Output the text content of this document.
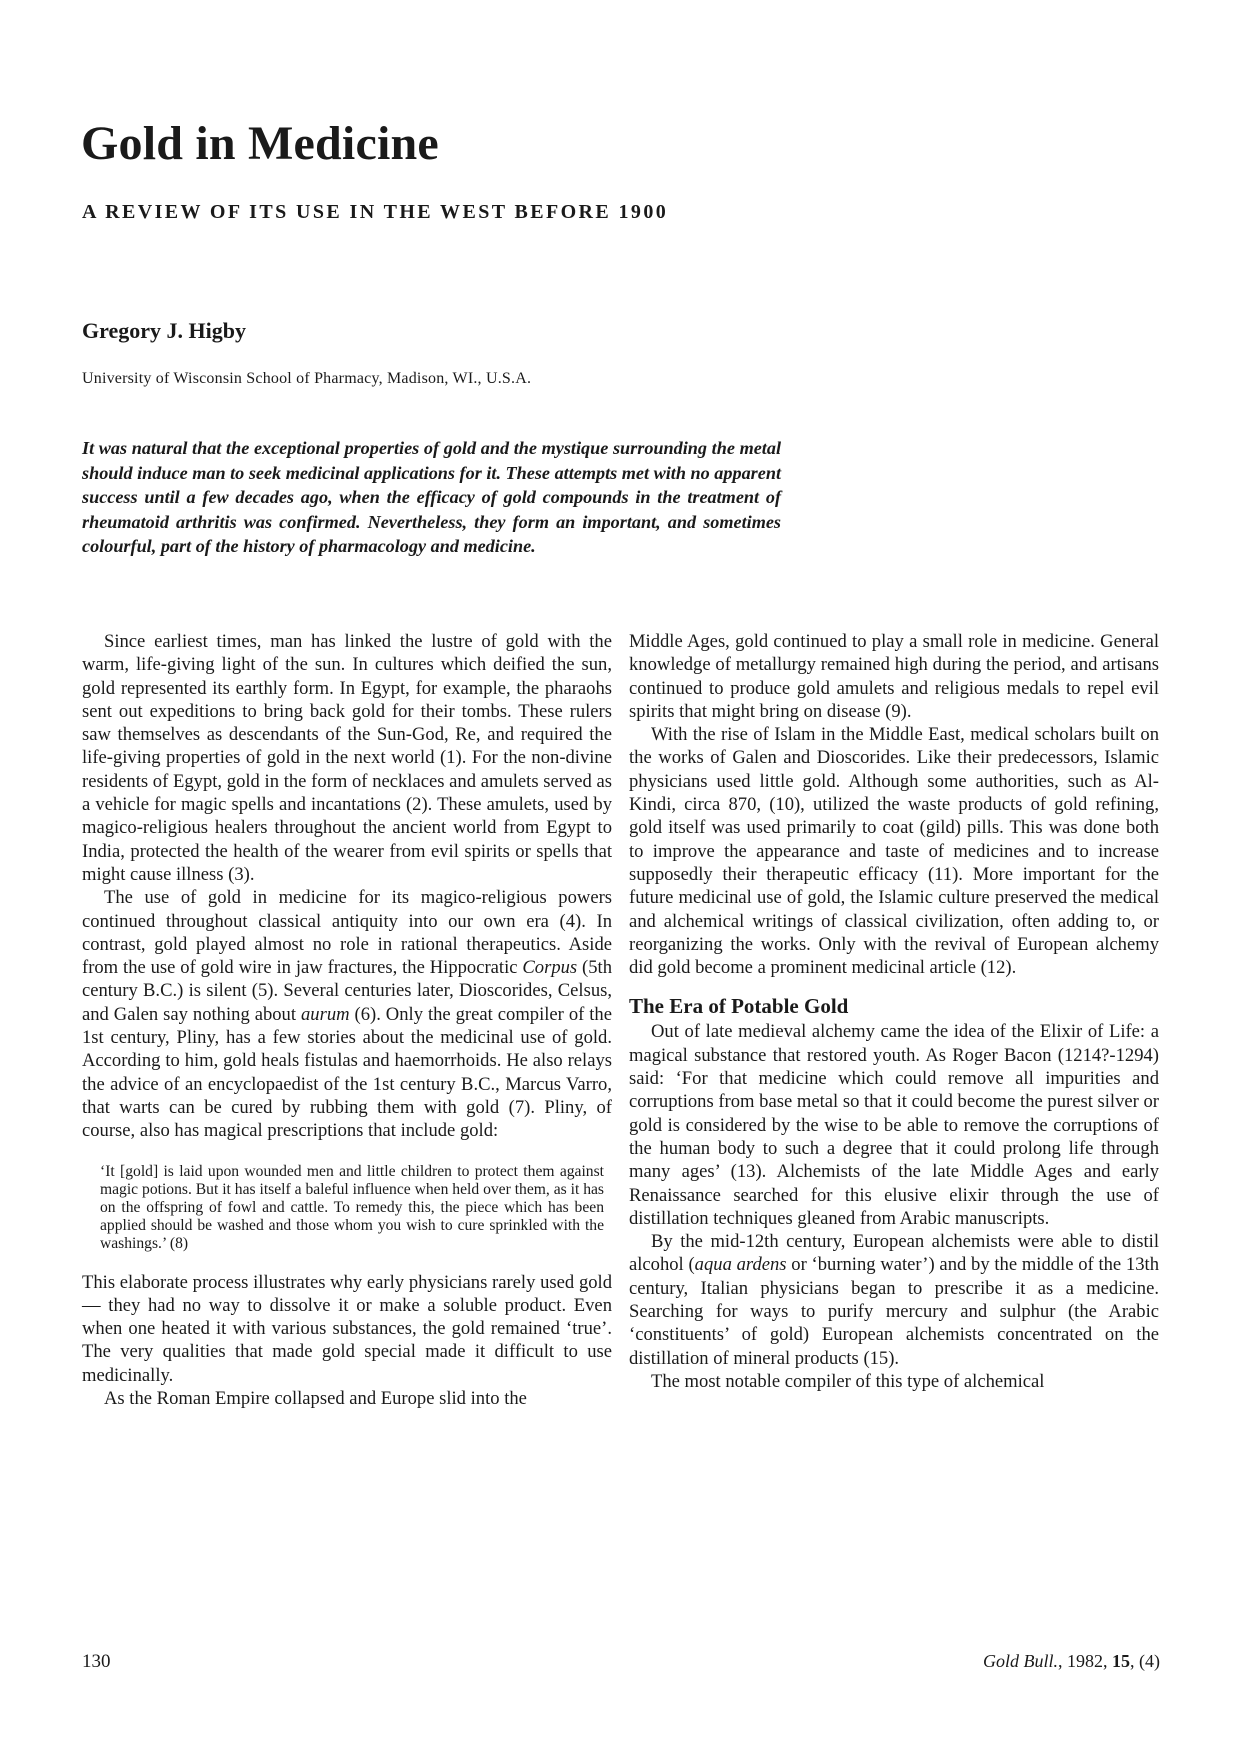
Gold in Medicine
A REVIEW OF ITS USE IN THE WEST BEFORE 1900
Gregory J. Higby
University of Wisconsin School of Pharmacy, Madison, WI., U.S.A.

It was natural that the exceptional properties of gold and the mystique surrounding the metal should induce man to seek medicinal applications for it. These attempts met with no apparent success until a few decades ago, when the efficacy of gold compounds in the treatment of rheumatoid arthritis was confirmed. Nevertheless, they form an important, and sometimes colourful, part of the history of pharmacology and medicine.

Since earliest times, man has linked the lustre of gold with the warm, life-giving light of the sun. In cultures which deified the sun, gold represented its earthly form. In Egypt, for example, the pharaohs sent out expeditions to bring back gold for their tombs. These rulers saw themselves as descendants of the Sun-God, Re, and required the life-giving properties of gold in the next world (1). For the non-divine residents of Egypt, gold in the form of necklaces and amulets served as a vehicle for magic spells and incantations (2). These amulets, used by magico-religious healers throughout the ancient world from Egypt to India, protected the health of the wearer from evil spirits or spells that might cause illness (3).

The use of gold in medicine for its magico-religious powers continued throughout classical antiquity into our own era (4). In contrast, gold played almost no role in rational therapeutics. Aside from the use of gold wire in jaw fractures, the Hippocratic Corpus (5th century B.C.) is silent (5). Several centuries later, Dioscorides, Celsus, and Galen say nothing about aurum (6). Only the great compiler of the 1st century, Pliny, has a few stories about the medicinal use of gold. According to him, gold heals fistulas and haemorrhoids. He also relays the advice of an encyclopaedist of the 1st century B.C., Marcus Varro, that warts can be cured by rubbing them with gold (7). Pliny, of course, also has magical prescriptions that include gold:

‘It [gold] is laid upon wounded men and little children to protect them against magic potions. But it has itself a baleful influence when held over them, as it has on the offspring of fowl and cattle. To remedy this, the piece which has been applied should be washed and those whom you wish to cure sprinkled with the washings.’ (8)

This elaborate process illustrates why early physicians rarely used gold — they had no way to dissolve it or make a soluble product. Even when one heated it with various substances, the gold remained ‘true’. The very qualities that made gold special made it difficult to use medicinally.

As the Roman Empire collapsed and Europe slid into the

Middle Ages, gold continued to play a small role in medicine. General knowledge of metallurgy remained high during the period, and artisans continued to produce gold amulets and religious medals to repel evil spirits that might bring on disease (9).

With the rise of Islam in the Middle East, medical scholars built on the works of Galen and Dioscorides. Like their predecessors, Islamic physicians used little gold. Although some authorities, such as Al-Kindi, circa 870, (10), utilized the waste products of gold refining, gold itself was used primarily to coat (gild) pills. This was done both to improve the appearance and taste of medicines and to increase supposedly their therapeutic efficacy (11). More important for the future medicinal use of gold, the Islamic culture preserved the medical and alchemical writings of classical civilization, often adding to, or reorganizing the works. Only with the revival of European alchemy did gold become a prominent medicinal article (12).

The Era of Potable Gold

Out of late medieval alchemy came the idea of the Elixir of Life: a magical substance that restored youth. As Roger Bacon (1214?-1294) said: ‘For that medicine which could remove all impurities and corruptions from base metal so that it could become the purest silver or gold is considered by the wise to be able to remove the corruptions of the human body to such a degree that it could prolong life through many ages’ (13). Alchemists of the late Middle Ages and early Renaissance searched for this elusive elixir through the use of distillation techniques gleaned from Arabic manuscripts.

By the mid-12th century, European alchemists were able to distil alcohol (aqua ardens or ‘burning water’) and by the middle of the 13th century, Italian physicians began to prescribe it as a medicine. Searching for ways to purify mercury and sulphur (the Arabic ‘constituents’ of gold) European alchemists concentrated on the distillation of mineral products (15).

The most notable compiler of this type of alchemical

130	Gold Bull., 1982, 15, (4)
